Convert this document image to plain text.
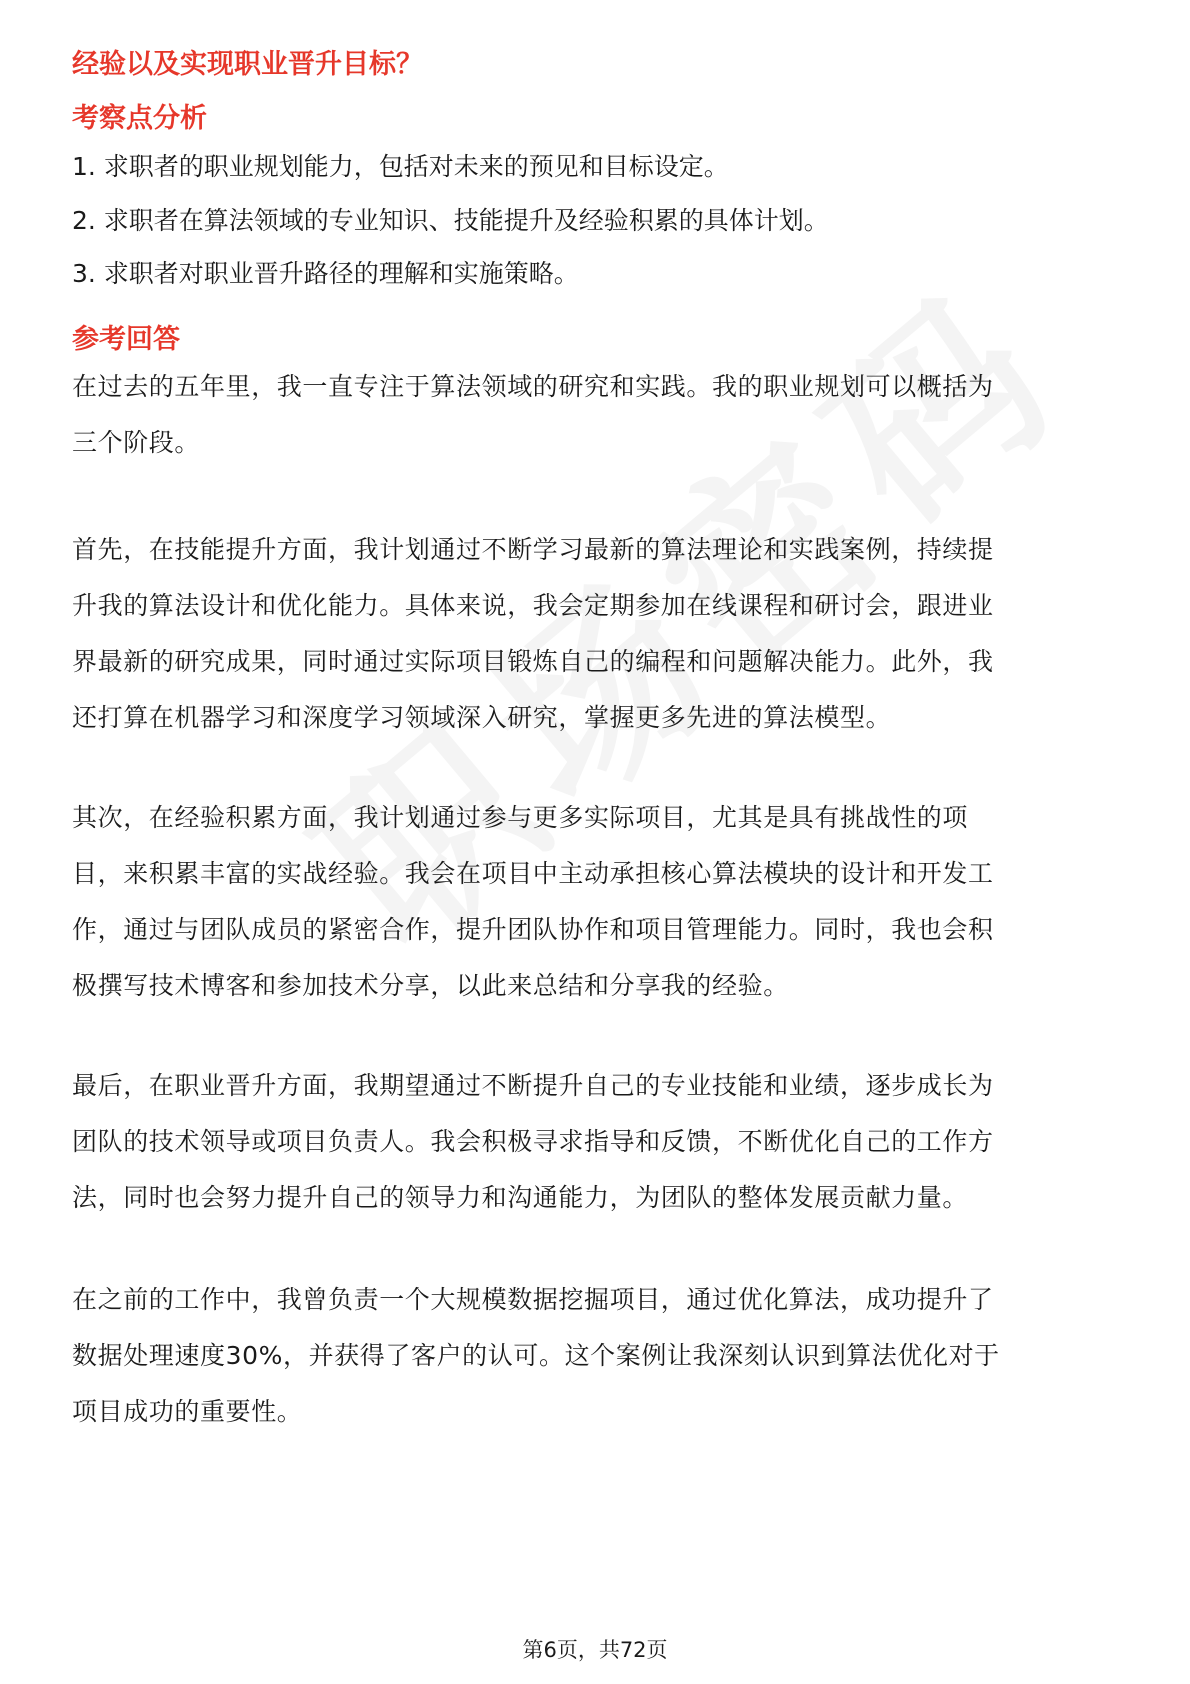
经验以及实现职业晋升目标？
考察点分析
1. 求职者的职业规划能力，包括对未来的预见和目标设定。
2. 求职者在算法领域的专业知识、技能提升及经验积累的具体计划。
3. 求职者对职业晋升路径的理解和实施策略。
参考回答
在过去的五年里，我一直专注于算法领域的研究和实践。我的职业规划可以概括为
三个阶段。
首先，在技能提升方面，我计划通过不断学习最新的算法理论和实践案例，持续提
升我的算法设计和优化能力。具体来说，我会定期参加在线课程和研讨会，跟进业
界最新的研究成果，同时通过实际项目锻炼自己的编程和问题解决能力。此外，我
还打算在机器学习和深度学习领域深入研究，掌握更多先进的算法模型。
其次，在经验积累方面，我计划通过参与更多实际项目，尤其是具有挑战性的项
目，来积累丰富的实战经验。我会在项目中主动承担核心算法模块的设计和开发工
作，通过与团队成员的紧密合作，提升团队协作和项目管理能力。同时，我也会积
极撰写技术博客和参加技术分享，以此来总结和分享我的经验。
最后，在职业晋升方面，我期望通过不断提升自己的专业技能和业绩，逐步成长为
团队的技术领导或项目负责人。我会积极寻求指导和反馈，不断优化自己的工作方
法，同时也会努力提升自己的领导力和沟通能力，为团队的整体发展贡献力量。
在之前的工作中，我曾负责一个大规模数据挖掘项目，通过优化算法，成功提升了
数据处理速度30%，并获得了客户的认可。这个案例让我深刻认识到算法优化对于
项目成功的重要性。
第6页，共72页
